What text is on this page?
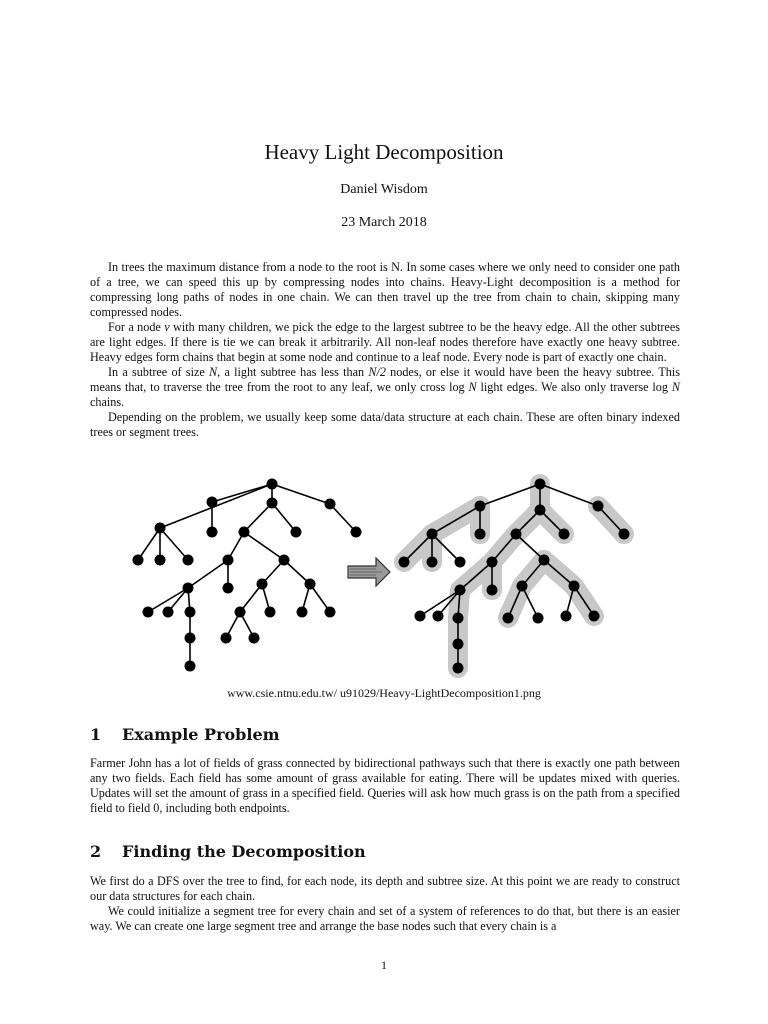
Heavy Light Decomposition
Daniel Wisdom
23 March 2018

In trees the maximum distance from a node to the root is N. In some cases where we only need to consider one path of a tree, we can speed this up by compressing nodes into chains. Heavy-Light decomposition is a method for compressing long paths of nodes in one chain. We can then travel up the tree from chain to chain, skipping many compressed nodes.

For a node v with many children, we pick the edge to the largest subtree to be the heavy edge. All the other subtrees are light edges. If there is tie we can break it arbitrarily. All non-leaf nodes therefore have exactly one heavy subtree. Heavy edges form chains that begin at some node and continue to a leaf node. Every node is part of exactly one chain.

In a subtree of size N, a light subtree has less than N/2 nodes, or else it would have been the heavy subtree. This means that, to traverse the tree from the root to any leaf, we only cross log N light edges. We also only traverse log N chains.

Depending on the problem, we usually keep some data/data structure at each chain. These are often binary indexed trees or segment trees.

www.csie.ntnu.edu.tw/ u91029/Heavy-LightDecomposition1.png
1 Example Problem

Farmer John has a lot of fields of grass connected by bidirectional pathways such that there is exactly one path between any two fields. Each field has some amount of grass available for eating. There will be updates mixed with queries. Updates will set the amount of grass in a specified field. Queries will ask how much grass is on the path from a specified field to field 0, including both endpoints.

2 Finding the Decomposition

We first do a DFS over the tree to find, for each node, its depth and subtree size. At this point we are ready to construct our data structures for each chain.

We could initialize a segment tree for every chain and set of a system of references to do that, but there is an easier way. We can create one large segment tree and arrange the base nodes such that every chain is a

1
